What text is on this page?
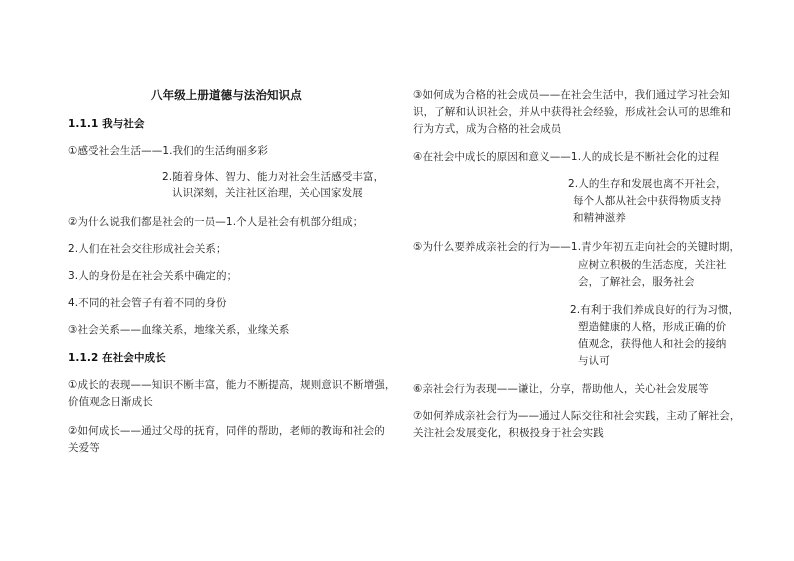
八年级上册道德与法治知识点
1.1.1 我与社会
①感受社会生活——1.我们的生活绚丽多彩
2.随着身体、智力、能力对社会生活感受丰富，
认识深刻，关注社区治理，关心国家发展
②为什么说我们都是社会的一员—1.个人是社会有机部分组成；
2.人们在社会交往形成社会关系；
3.人的身份是在社会关系中确定的；
4.不同的社会管子有着不同的身份
③社会关系——血缘关系，地缘关系，业缘关系
1.1.2 在社会中成长
①成长的表现——知识不断丰富，能力不断提高，规则意识不断增强，
价值观念日渐成长
②如何成长——通过父母的抚育，同伴的帮助，老师的教诲和社会的
关爱等
③如何成为合格的社会成员——在社会生活中，我们通过学习社会知
识，了解和认识社会，并从中获得社会经验，形成社会认可的思维和
行为方式，成为合格的社会成员
④在社会中成长的原因和意义——1.人的成长是不断社会化的过程
2.人的生存和发展也离不开社会，
每个人都从社会中获得物质支持
和精神滋养
⑤为什么要养成亲社会的行为——1.青少年初五走向社会的关键时期，
应树立积极的生活态度，关注社
会，了解社会，服务社会
2.有利于我们养成良好的行为习惯，
塑造健康的人格，形成正确的价
值观念，获得他人和社会的接纳
与认可
⑥亲社会行为表现——谦让，分享，帮助他人，关心社会发展等
⑦如何养成亲社会行为——通过人际交往和社会实践，主动了解社会，
关注社会发展变化，积极投身于社会实践
